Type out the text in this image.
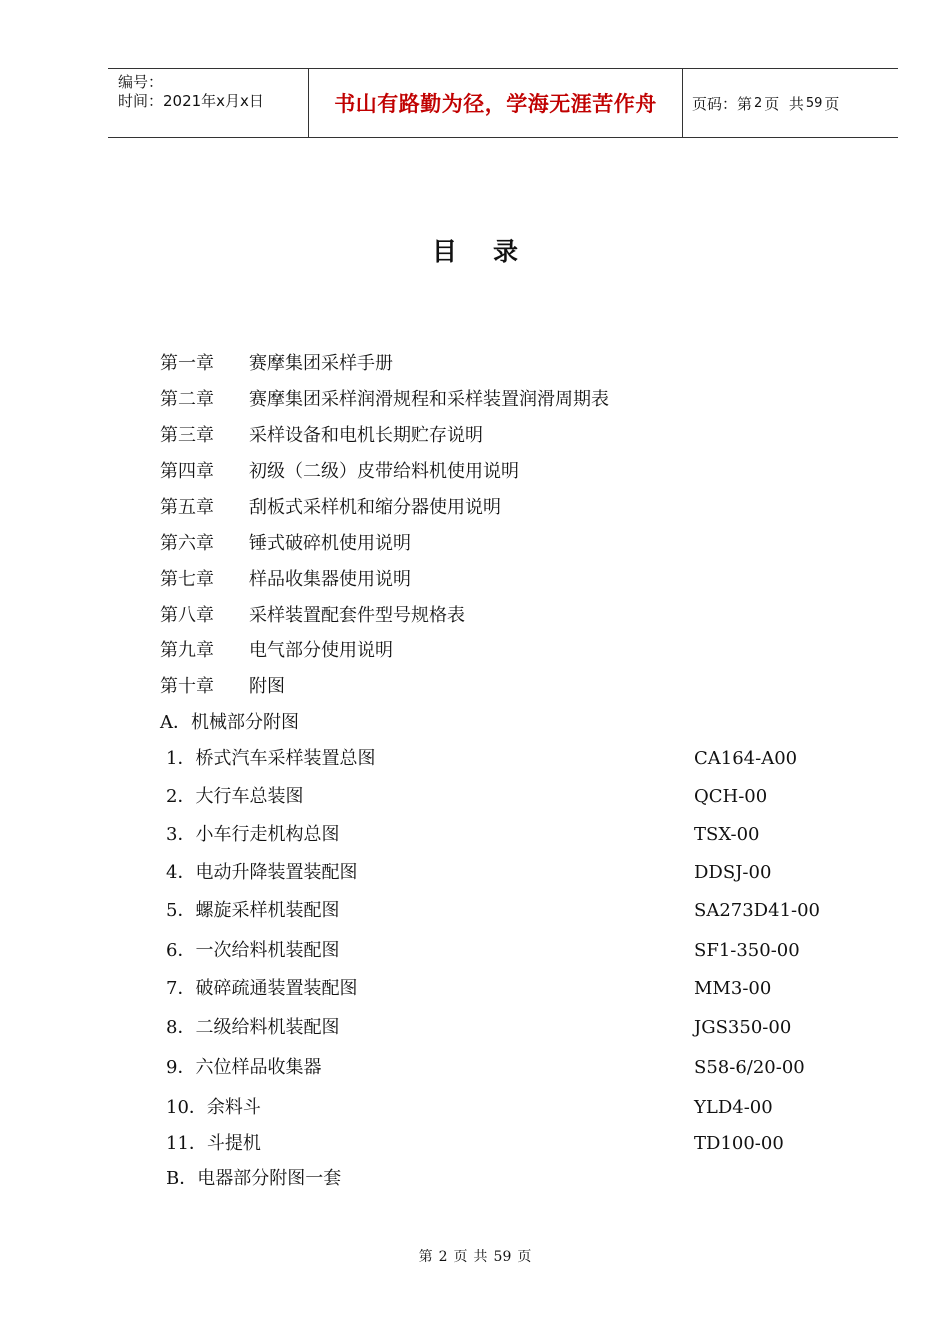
编号：
时间：2021年x月x日	书山有路勤为径，学海无涯苦作舟	页码：第 2 页  共 59 页
目 录
第一章 赛摩集团采样手册
第二章 赛摩集团采样润滑规程和采样装置润滑周期表
第三章 采样设备和电机长期贮存说明
第四章 初级（二级）皮带给料机使用说明
第五章 刮板式采样机和缩分器使用说明
第六章 锤式破碎机使用说明
第七章 样品收集器使用说明
第八章 采样装置配套件型号规格表
第九章 电气部分使用说明
第十章 附图
A．机械部分附图
1．桥式汽车采样装置总图	CA164-A00
2．大行车总装图	QCH-00
3．小车行走机构总图	TSX-00
4．电动升降装置装配图	DDSJ-00
5．螺旋采样机装配图	SA273D41-00
6．一次给料机装配图	SF1-350-00
7．破碎疏通装置装配图	MM3-00
8．二级给料机装配图	JGS350-00
9．六位样品收集器	S58-6/20-00
10．余料斗	YLD4-00
11．斗提机	TD100-00
B．电器部分附图一套
第 2 页 共 59 页
